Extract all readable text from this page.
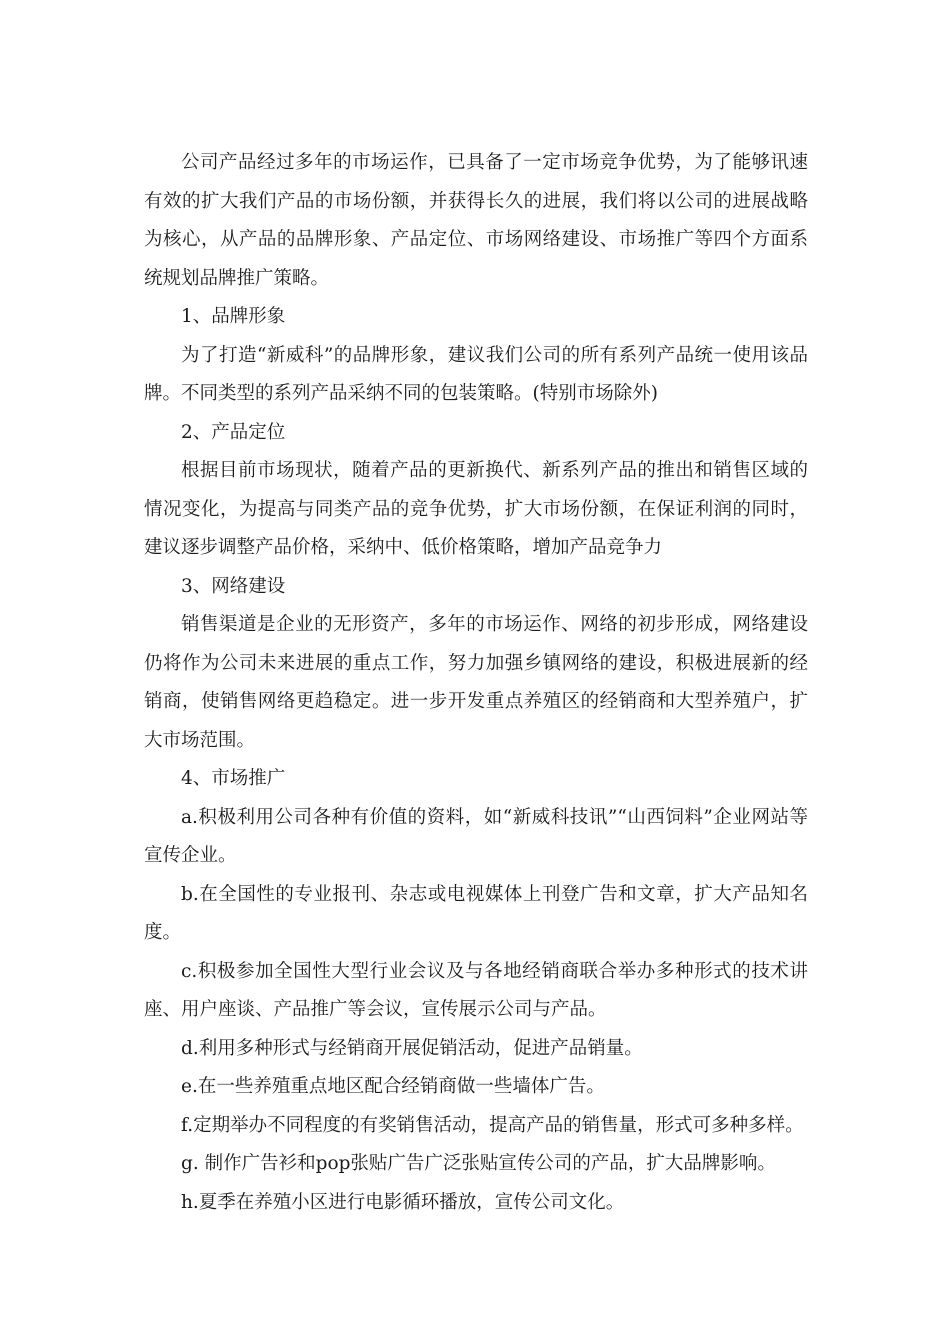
公司产品经过多年的市场运作，已具备了一定市场竞争优势，为了能够讯速有效的扩大我们产品的市场份额，并获得长久的进展，我们将以公司的进展战略为核心，从产品的品牌形象、产品定位、市场网络建设、市场推广等四个方面系统规划品牌推广策略。

1、品牌形象

为了打造“新威科”的品牌形象，建议我们公司的所有系列产品统一使用该品牌。不同类型的系列产品采纳不同的包装策略。(特别市场除外)

2、产品定位

根据目前市场现状，随着产品的更新换代、新系列产品的推出和销售区域的情况变化，为提高与同类产品的竞争优势，扩大市场份额，在保证利润的同时，建议逐步调整产品价格，采纳中、低价格策略，增加产品竞争力

3、网络建设

销售渠道是企业的无形资产，多年的市场运作、网络的初步形成，网络建设仍将作为公司未来进展的重点工作，努力加强乡镇网络的建设，积极进展新的经销商，使销售网络更趋稳定。进一步开发重点养殖区的经销商和大型养殖户，扩大市场范围。

4、市场推广

a.积极利用公司各种有价值的资料，如“新威科技讯”“山西饲料”企业网站等宣传企业。

b.在全国性的专业报刊、杂志或电视媒体上刊登广告和文章，扩大产品知名度。

c.积极参加全国性大型行业会议及与各地经销商联合举办多种形式的技术讲座、用户座谈、产品推广等会议，宣传展示公司与产品。

d.利用多种形式与经销商开展促销活动，促进产品销量。

e.在一些养殖重点地区配合经销商做一些墙体广告。

f.定期举办不同程度的有奖销售活动，提高产品的销售量，形式可多种多样。

g. 制作广告衫和pop张贴广告广泛张贴宣传公司的产品，扩大品牌影响。

h.夏季在养殖小区进行电影循环播放，宣传公司文化。
